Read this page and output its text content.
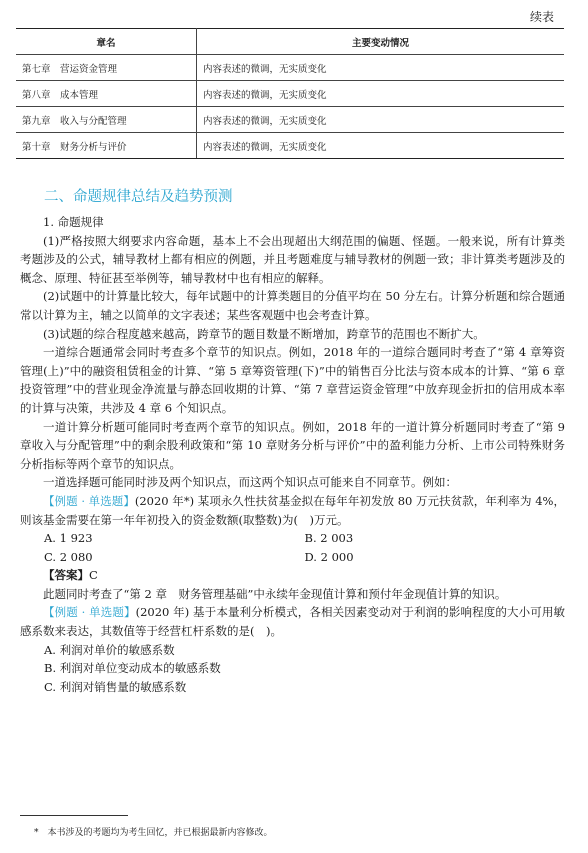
续表
章名	主要变动情况
第七章　营运资金管理	内容表述的微调，无实质变化
第八章　成本管理	内容表述的微调，无实质变化
第九章　收入与分配管理	内容表述的微调，无实质变化
第十章　财务分析与评价	内容表述的微调，无实质变化
二、命题规律总结及趋势预测

1. 命题规律

(1)严格按照大纲要求内容命题，基本上不会出现超出大纲范围的偏题、怪题。一般来说，所有计算类考题涉及的公式，辅导教材上都有相应的例题，并且考题难度与辅导教材的例题一致；非计算类考题涉及的概念、原理、特征甚至举例等，辅导教材中也有相应的解释。

(2)试题中的计算量比较大，每年试题中的计算类题目的分值平均在 50 分左右。计算分析题和综合题通常以计算为主，辅之以简单的文字表述；某些客观题中也会考查计算。

(3)试题的综合程度越来越高，跨章节的题目数量不断增加，跨章节的范围也不断扩大。

一道综合题通常会同时考查多个章节的知识点。例如，2018 年的一道综合题同时考查了“第 4 章筹资管理(上)”中的融资租赁租金的计算、“第 5 章筹资管理(下)”中的销售百分比法与资本成本的计算、“第 6 章投资管理”中的营业现金净流量与静态回收期的计算、“第 7 章营运资金管理”中放弃现金折扣的信用成本率的计算与决策，共涉及 4 章 6 个知识点。

一道计算分析题可能同时考查两个章节的知识点。例如，2018 年的一道计算分析题同时考查了“第 9 章收入与分配管理”中的剩余股利政策和“第 10 章财务分析与评价”中的盈利能力分析、上市公司特殊财务分析指标等两个章节的知识点。

一道选择题可能同时涉及两个知识点，而这两个知识点可能来自不同章节。例如：

【例题 · 单选题】(2020 年*) 某项永久性扶贫基金拟在每年年初发放 80 万元扶贫款，年利率为 4%，则该基金需要在第一年年初投入的资金数额(取整数)为(　)万元。

A. 1 923	B. 2 003
C. 2 080	D. 2 000

【答案】C

此题同时考查了“第 2 章　财务管理基础”中永续年金现值计算和预付年金现值计算的知识。

【例题 · 单选题】(2020 年) 基于本量利分析模式，各相关因素变动对于利润的影响程度的大小可用敏感系数来表达，其数值等于经营杠杆系数的是(　)。

A. 利润对单价的敏感系数

B. 利润对单位变动成本的敏感系数

C. 利润对销售量的敏感系数

*　本书涉及的考题均为考生回忆，并已根据最新内容修改。
